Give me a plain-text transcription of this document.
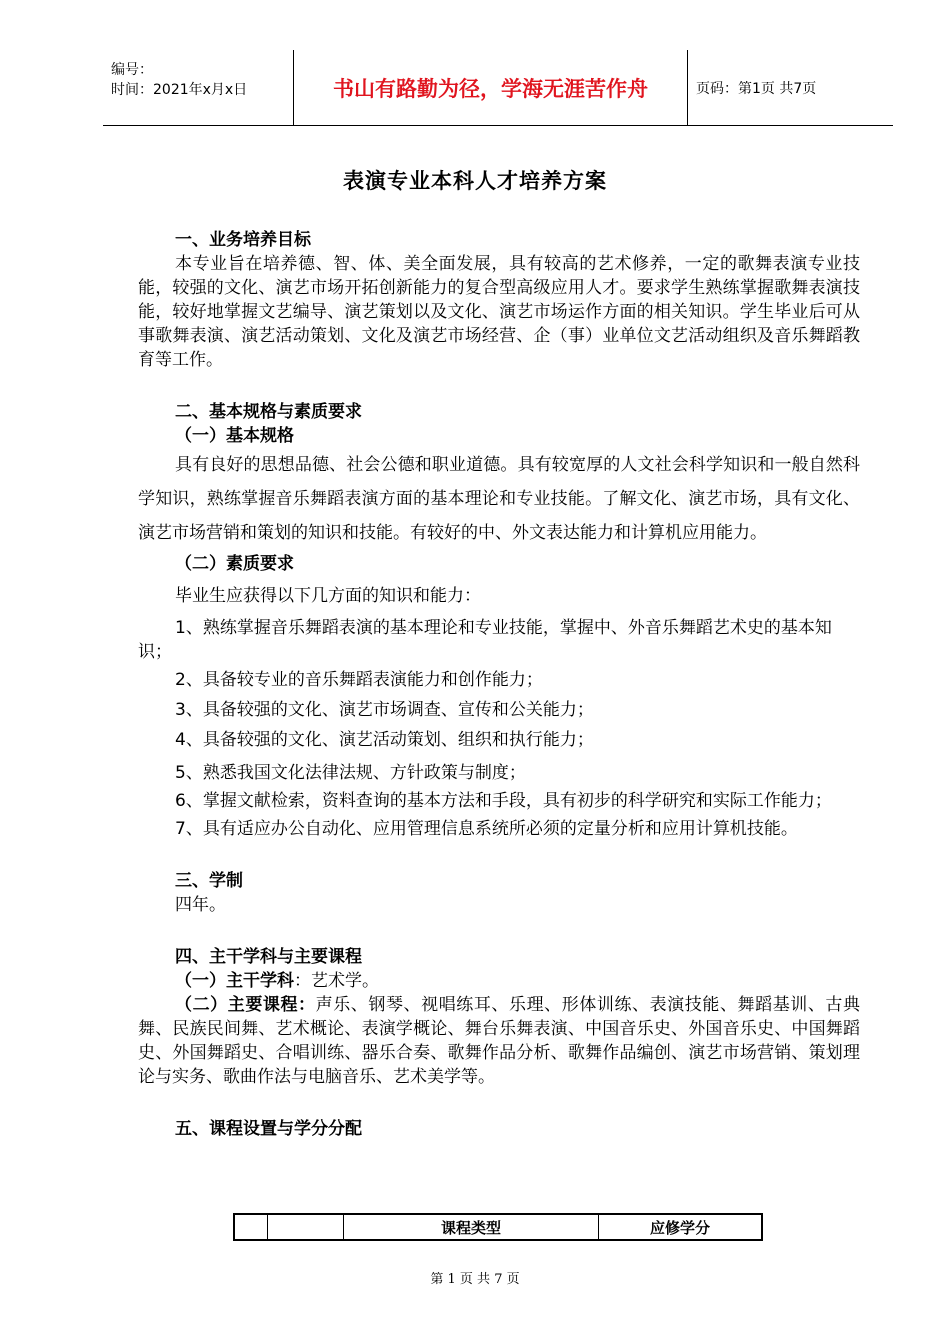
编号：
时间：2021年x月x日	书山有路勤为径，学海无涯苦作舟	页码：第1页 共7页
表演专业本科人才培养方案
一、业务培养目标

本专业旨在培养德、智、体、美全面发展，具有较高的艺术修养，一定的歌舞表演专业技能，较强的文化、演艺市场开拓创新能力的复合型高级应用人才。要求学生熟练掌握歌舞表演技能，较好地掌握文艺编导、演艺策划以及文化、演艺市场运作方面的相关知识。学生毕业后可从事歌舞表演、演艺活动策划、文化及演艺市场经营、企（事）业单位文艺活动组织及音乐舞蹈教育等工作。

二、基本规格与素质要求
（一）基本规格

具有良好的思想品德、社会公德和职业道德。具有较宽厚的人文社会科学知识和一般自然科学知识，熟练掌握音乐舞蹈表演方面的基本理论和专业技能。了解文化、演艺市场，具有文化、演艺市场营销和策划的知识和技能。有较好的中、外文表达能力和计算机应用能力。

（二）素质要求

毕业生应获得以下几方面的知识和能力：

1、熟练掌握音乐舞蹈表演的基本理论和专业技能，掌握中、外音乐舞蹈艺术史的基本知识；

2、具备较专业的音乐舞蹈表演能力和创作能力；

3、具备较强的文化、演艺市场调查、宣传和公关能力；

4、具备较强的文化、演艺活动策划、组织和执行能力；

5、熟悉我国文化法律法规、方针政策与制度；

6、掌握文献检索，资料查询的基本方法和手段，具有初步的科学研究和实际工作能力；

7、具有适应办公自动化、应用管理信息系统所必须的定量分析和应用计算机技能。

三、学制

四年。

四、主干学科与主要课程

（一）主干学科：艺术学。

（二）主要课程：声乐、钢琴、视唱练耳、乐理、形体训练、表演技能、舞蹈基训、古典舞、民族民间舞、艺术概论、表演学概论、舞台乐舞表演、中国音乐史、外国音乐史、中国舞蹈史、外国舞蹈史、合唱训练、器乐合奏、歌舞作品分析、歌舞作品编创、演艺市场营销、策划理论与实务、歌曲作法与电脑音乐、艺术美学等。

五、课程设置与学分分配
		课程类型	应修学分
第 1 页 共 7 页
